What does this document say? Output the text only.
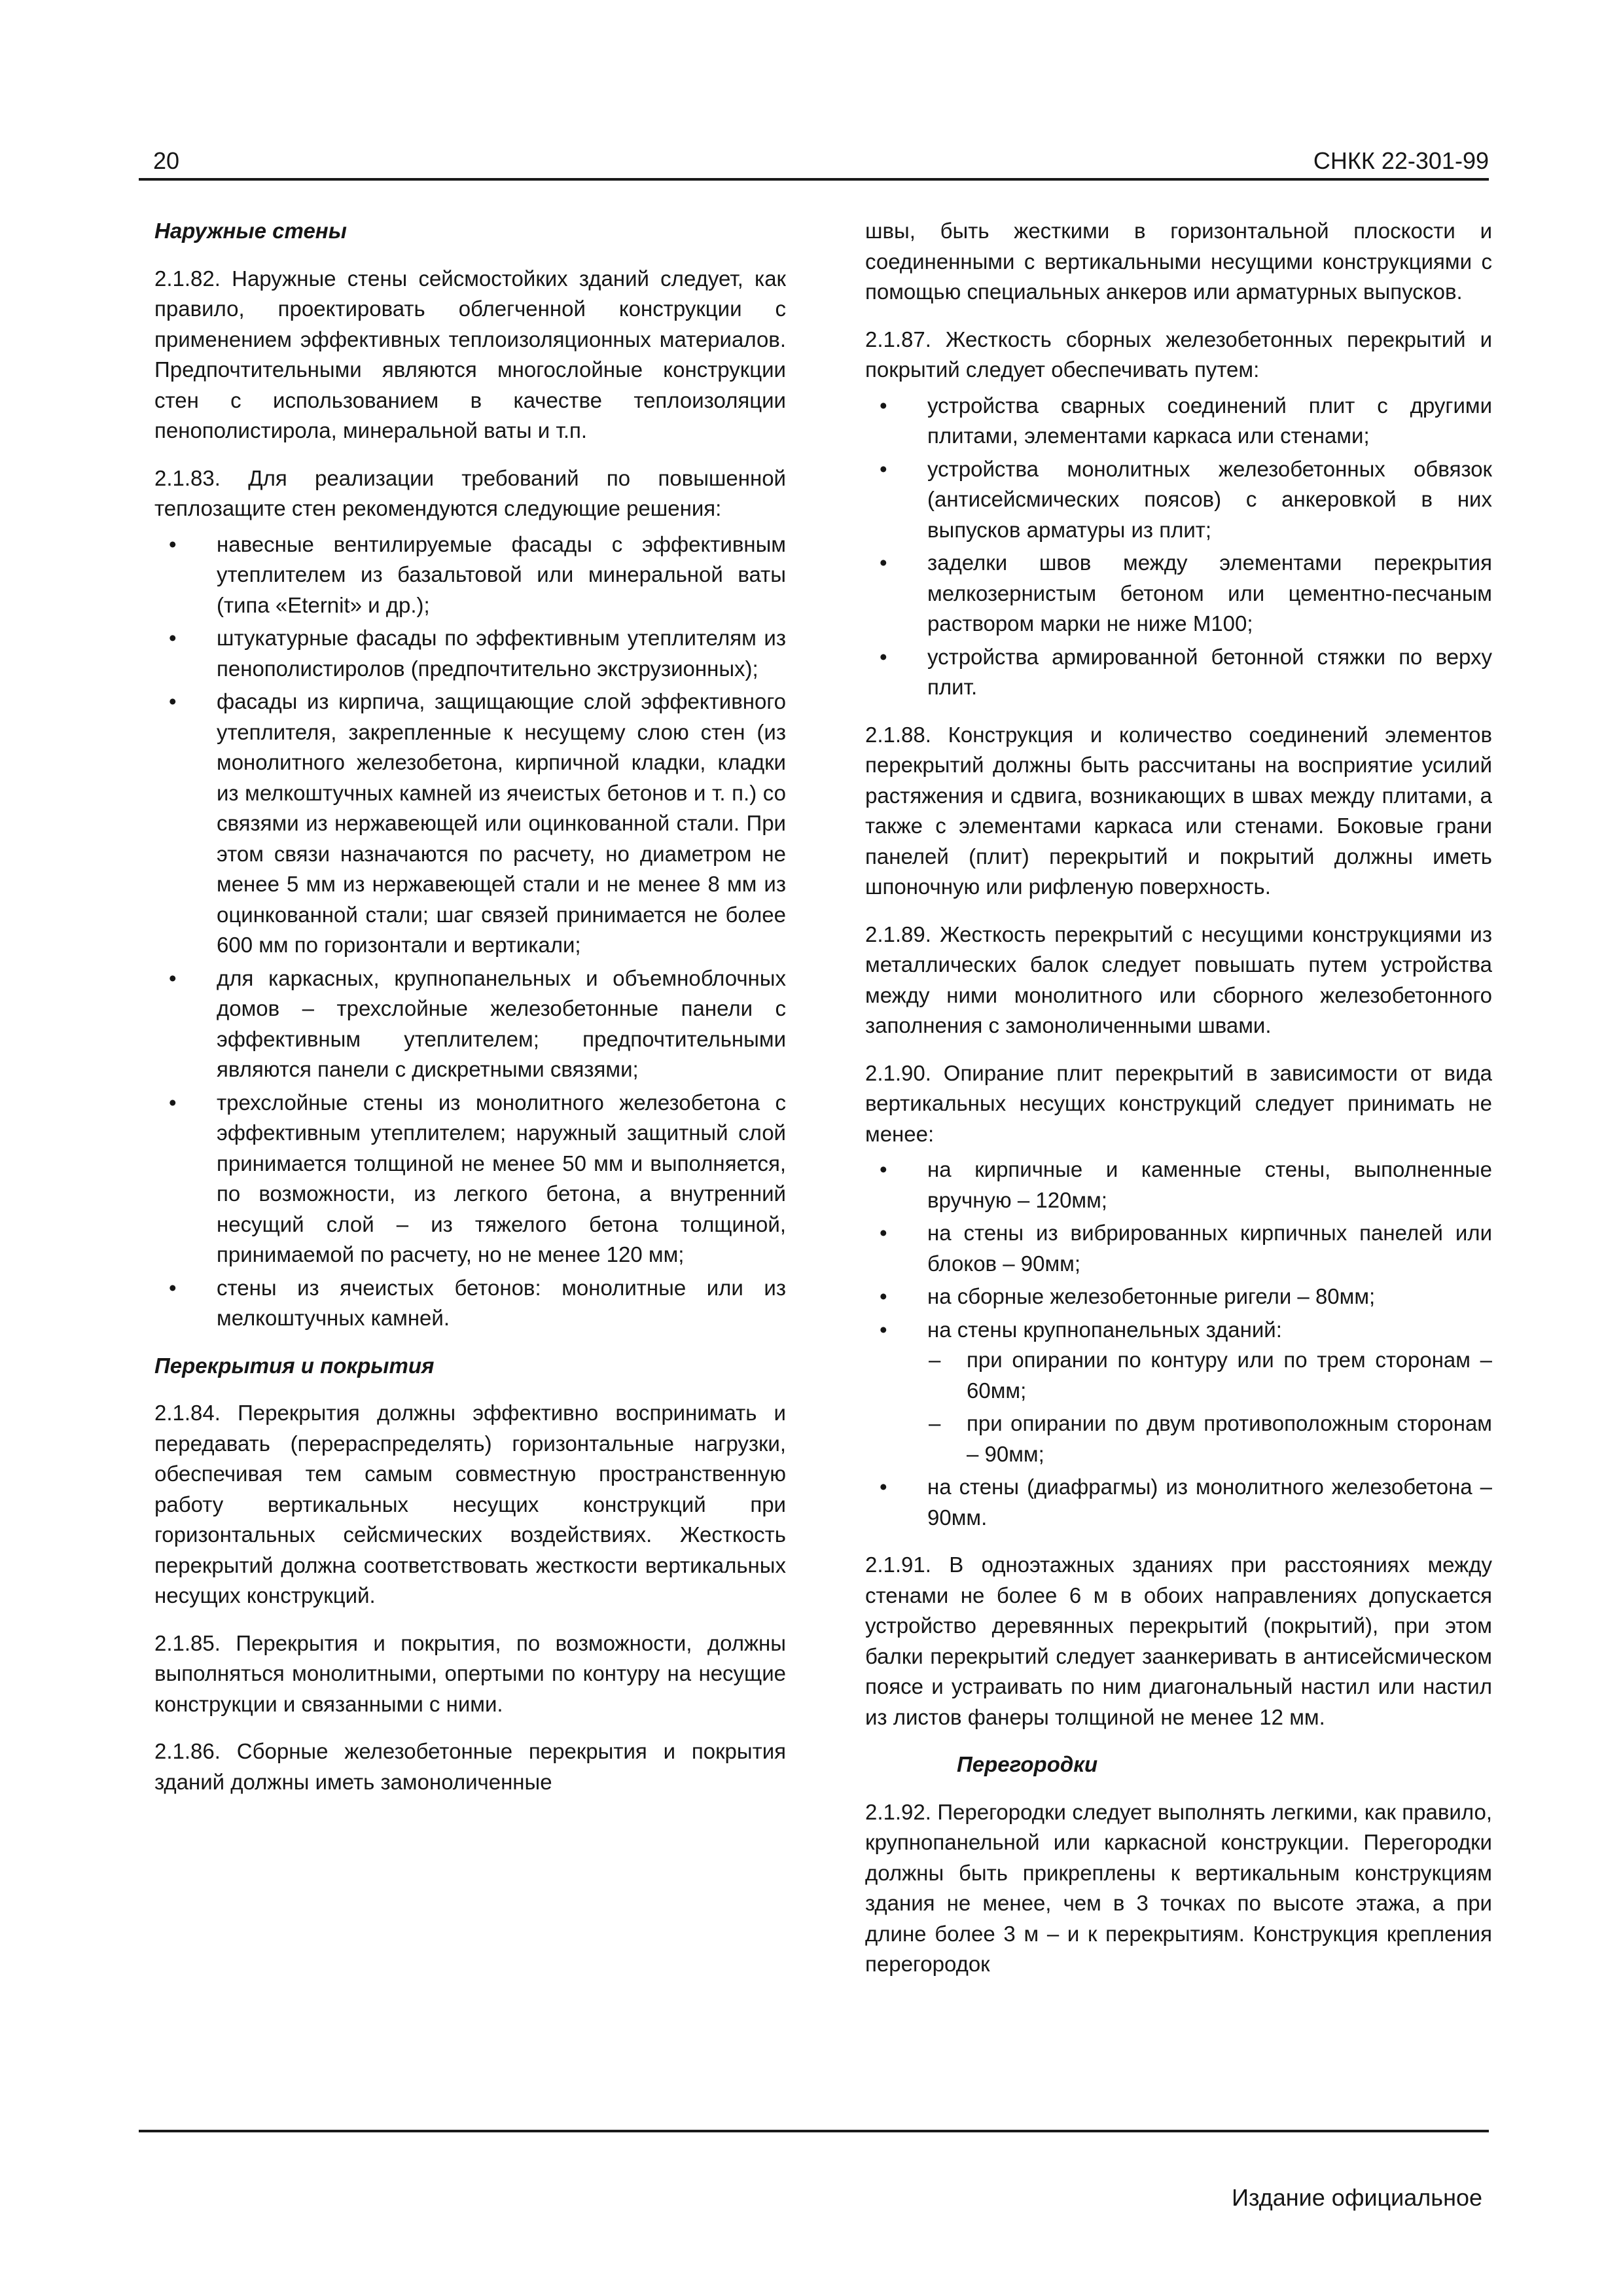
20	СНКК 22-301-99

Наружные стены

2.1.82. Наружные стены сейсмостойких зданий следует, как правило, проектировать облегченной конструкции с применением эффективных теплоизоляционных материалов. Предпочтительными являются многослойные конструкции стен с использованием в качестве теплоизоляции пенополистирола, минеральной ваты и т.п.

2.1.83. Для реализации требований по повышенной теплозащите стен рекомендуются следующие решения:

• навесные вентилируемые фасады с эффективным утеплителем из базальтовой или минеральной ваты (типа «Eternit» и др.);
• штукатурные фасады по эффективным утеплителям из пенополистиролов (предпочтительно экструзионных);
• фасады из кирпича, защищающие слой эффективного утеплителя, закрепленные к несущему слою стен (из монолитного железобетона, кирпичной кладки, кладки из мелкоштучных камней из ячеистых бетонов и т. п.) со связями из нержавеющей или оцинкованной стали. При этом связи назначаются по расчету, но диаметром не менее 5 мм из нержавеющей стали и не менее 8 мм из оцинкованной стали; шаг связей принимается не более 600 мм по горизонтали и вертикали;
• для каркасных, крупнопанельных и объемноблочных домов – трехслойные железобетонные панели с эффективным утеплителем; предпочтительными являются панели с дискретными связями;
• трехслойные стены из монолитного железобетона с эффективным утеплителем; наружный защитный слой принимается толщиной не менее 50 мм и выполняется, по возможности, из легкого бетона, а внутренний несущий слой – из тяжелого бетона толщиной, принимаемой по расчету, но не менее 120 мм;
• стены из ячеистых бетонов: монолитные или из мелкоштучных камней.

Перекрытия и покрытия

2.1.84. Перекрытия должны эффективно воспринимать и передавать (перераспределять) горизонтальные нагрузки, обеспечивая тем самым совместную пространственную работу вертикальных несущих конструкций при горизонтальных сейсмических воздействиях. Жесткость перекрытий должна соответствовать жесткости вертикальных несущих конструкций.

2.1.85. Перекрытия и покрытия, по возможности, должны выполняться монолитными, опертыми по контуру на несущие конструкции и связанными с ними.

2.1.86. Сборные железобетонные перекрытия и покрытия зданий должны иметь замоноличенные

швы, быть жесткими в горизонтальной плоскости и соединенными с вертикальными несущими конструкциями с помощью специальных анкеров или арматурных выпусков.

2.1.87. Жесткость сборных железобетонных перекрытий и покрытий следует обеспечивать путем:

• устройства сварных соединений плит с другими плитами, элементами каркаса или стенами;
• устройства монолитных железобетонных обвязок (антисейсмических поясов) с анкеровкой в них выпусков арматуры из плит;
• заделки швов между элементами перекрытия мелкозернистым бетоном или цементно-песчаным раствором марки не ниже М100;
• устройства армированной бетонной стяжки по верху плит.

2.1.88. Конструкция и количество соединений элементов перекрытий должны быть рассчитаны на восприятие усилий растяжения и сдвига, возникающих в швах между плитами, а также с элементами каркаса или стенами. Боковые грани панелей (плит) перекрытий и покрытий должны иметь шпоночную или рифленую поверхность.

2.1.89. Жесткость перекрытий с несущими конструкциями из металлических балок следует повышать путем устройства между ними монолитного или сборного железобетонного заполнения с замоноличенными швами.

2.1.90. Опирание плит перекрытий в зависимости от вида вертикальных несущих конструкций следует принимать не менее:

• на кирпичные и каменные стены, выполненные вручную – 120мм;
• на стены из вибрированных кирпичных панелей или блоков – 90мм;
• на сборные железобетонные ригели – 80мм;
• на стены крупнопанельных зданий:
– при опирании по контуру или по трем сторонам – 60мм;
– при опирании по двум противоположным сторонам – 90мм;
• на стены (диафрагмы) из монолитного железобетона – 90мм.

2.1.91. В одноэтажных зданиях при расстояниях между стенами не более 6 м в обоих направлениях допускается устройство деревянных перекрытий (покрытий), при этом балки перекрытий следует заанкеривать в антисейсмическом поясе и устраивать по ним диагональный настил или настил из листов фанеры толщиной не менее 12 мм.

Перегородки

2.1.92. Перегородки следует выполнять легкими, как правило, крупнопанельной или каркасной конструкции. Перегородки должны быть прикреплены к вертикальным конструкциям здания не менее, чем в 3 точках по высоте этажа, а при длине более 3 м – и к перекрытиям. Конструкция крепления перегородок

Издание официальное
